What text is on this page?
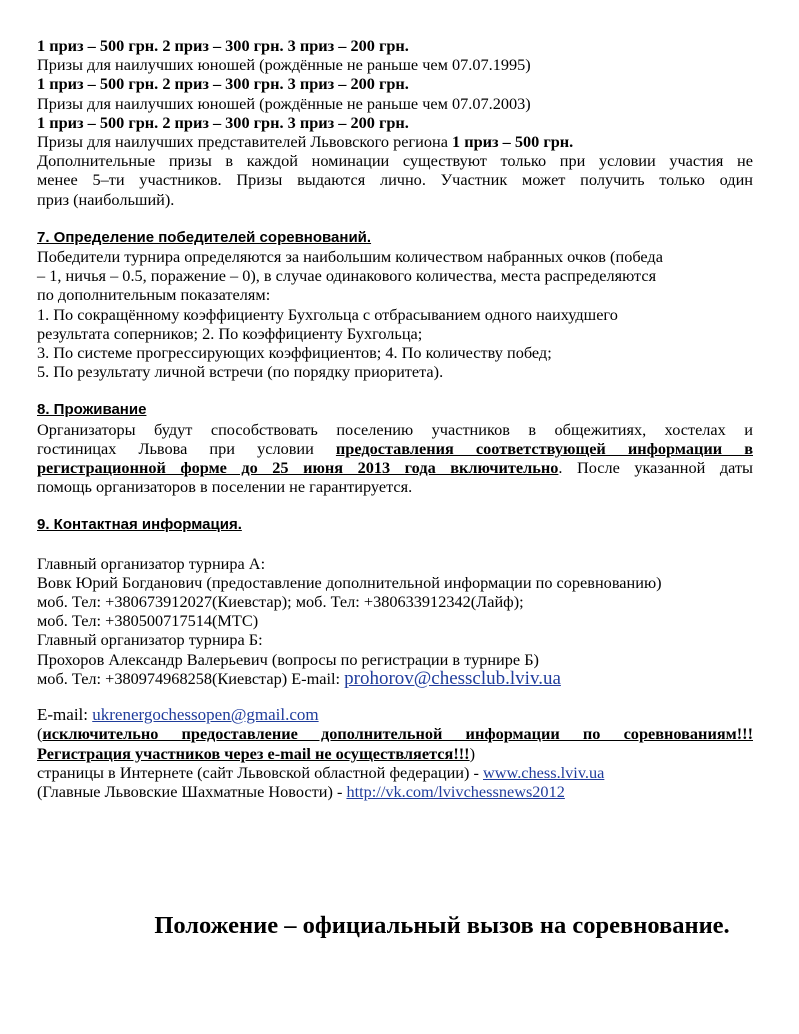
1 приз – 500 грн. 2 приз – 300 грн. 3 приз – 200 грн.
Призы для наилучших юношей (рождённые не раньше чем 07.07.1995)
1 приз – 500 грн. 2 приз – 300 грн. 3 приз – 200 грн.
Призы для наилучших юношей (рождённые не раньше чем 07.07.2003)
1 приз – 500 грн. 2 приз – 300 грн. 3 приз – 200 грн.
Призы для наилучших представителей Львовского региона 1 приз – 500 грн.
Дополнительные призы в каждой номинации существуют только при условии участия не
менее 5–ти участников. Призы выдаются лично. Участник может получить только один
приз (наибольший).
7. Определение победителей соревнований.
Победители турнира определяются за наибольшим количеством набранных очков (победа
– 1, ничья – 0.5, поражение – 0), в случае одинакового количества, места распределяются
по дополнительным показателям:
1. По сокращённому коэффициенту Бухгольца с отбрасыванием одного наихудшего
результата соперников; 2. По коэффициенту Бухгольца;
3. По системе прогрессирующих коэффициентов; 4. По количеству побед;
5. По результату личной встречи (по порядку приоритета).
8. Проживание
Организаторы будут способствовать поселению участников в общежитиях, хостелах и
гостиницах Львова при условии предоставления соответствующей информации в
регистрационной форме до 25 июня 2013 года включительно. После указанной даты
помощь организаторов в поселении не гарантируется.
9. Контактная информация.
Главный организатор турнира А:
Вовк Юрий Богданович (предоставление дополнительной информации по соревнованию)
моб. Тел: +380673912027(Киевстар); моб. Тел: +380633912342(Лайф);
моб. Тел: +380500717514(МТС)
Главный организатор турнира Б:
Прохоров Александр Валерьевич (вопросы по регистрации в турнире Б)
моб. Тел: +380974968258(Киевстар) E-mail: prohorov@chessclub.lviv.ua
E-mail: ukrenergochessopen@gmail.com
(исключительно предоставление дополнительной информации по соревнованиям!!!
Регистрация участников через e-mail не осуществляется!!!)
страницы в Интернете (сайт Львовской областной федерации) - www.chess.lviv.ua
(Главные Львовские Шахматные Новости) - http://vk.com/lvivchessnews2012
Положение – официальный вызов на соревнование.
